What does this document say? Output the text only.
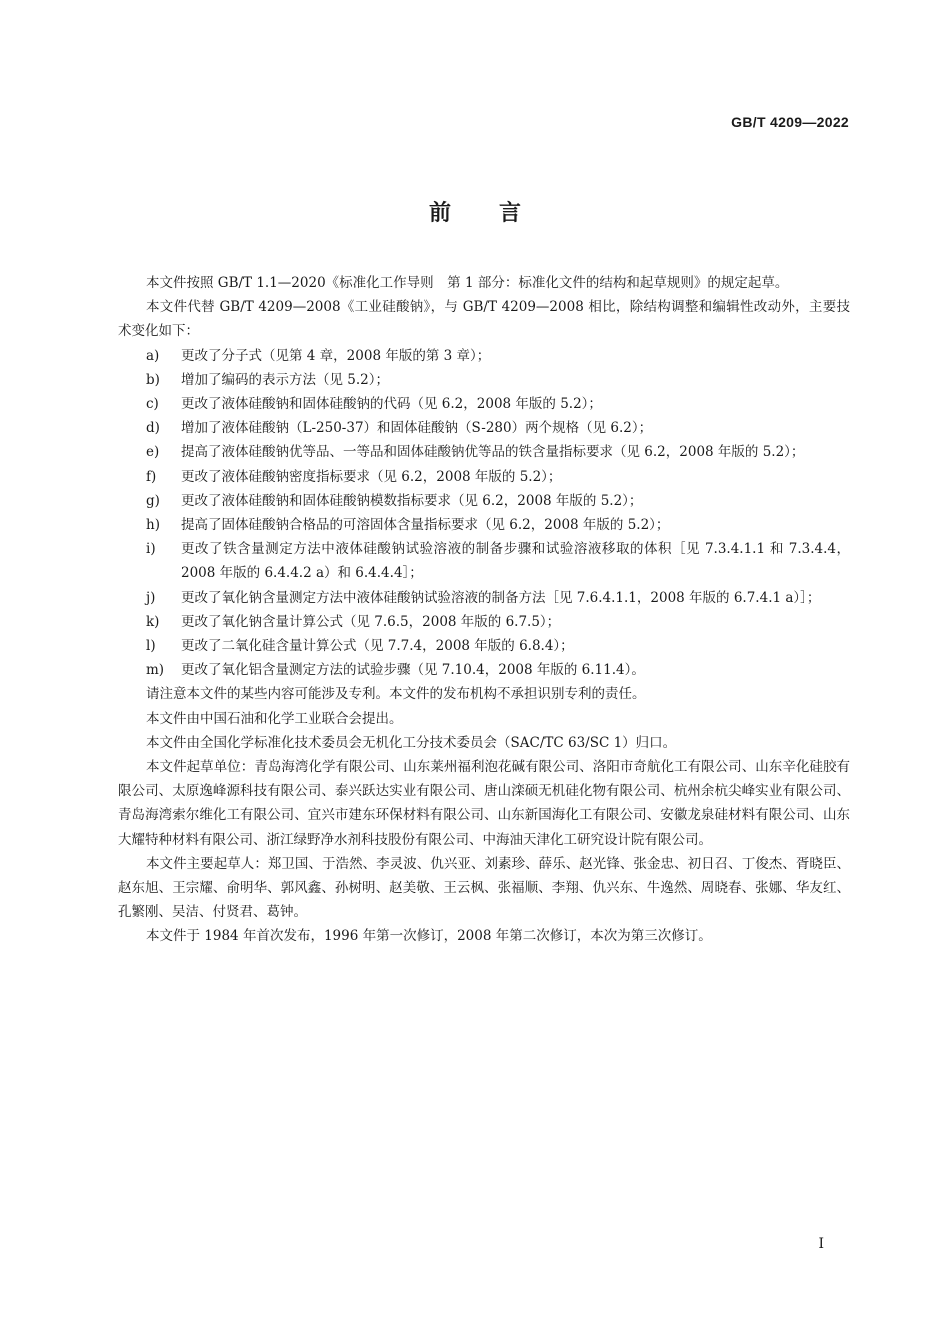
GB/T 4209—2022
前言

本文件按照 GB/T 1.1—2020《标准化工作导则　第 1 部分：标准化文件的结构和起草规则》的规定起草。

本文件代替 GB/T 4209—2008《工业硅酸钠》，与 GB/T 4209—2008 相比，除结构调整和编辑性改动外，主要技术变化如下：

a)	更改了分子式（见第 4 章，2008 年版的第 3 章）；
b)	增加了编码的表示方法（见 5.2）；
c)	更改了液体硅酸钠和固体硅酸钠的代码（见 6.2，2008 年版的 5.2）；
d)	增加了液体硅酸钠（L-250-37）和固体硅酸钠（S-280）两个规格（见 6.2）；
e)	提高了液体硅酸钠优等品、一等品和固体硅酸钠优等品的铁含量指标要求（见 6.2，2008 年版的 5.2）；
f)	更改了液体硅酸钠密度指标要求（见 6.2，2008 年版的 5.2）；
g)	更改了液体硅酸钠和固体硅酸钠模数指标要求（见 6.2，2008 年版的 5.2）；
h)	提高了固体硅酸钠合格品的可溶固体含量指标要求（见 6.2，2008 年版的 5.2）；
i)	更改了铁含量测定方法中液体硅酸钠试验溶液的制备步骤和试验溶液移取的体积［见 7.3.4.1.1 和 7.3.4.4，2008 年版的 6.4.4.2 a）和 6.4.4.4］；
j)	更改了氧化钠含量测定方法中液体硅酸钠试验溶液的制备方法［见 7.6.4.1.1，2008 年版的 6.7.4.1 a）］；
k)	更改了氧化钠含量计算公式（见 7.6.5，2008 年版的 6.7.5）；
l)	更改了二氧化硅含量计算公式（见 7.7.4，2008 年版的 6.8.4）；
m)	更改了氧化铝含量测定方法的试验步骤（见 7.10.4，2008 年版的 6.11.4）。

请注意本文件的某些内容可能涉及专利。本文件的发布机构不承担识别专利的责任。

本文件由中国石油和化学工业联合会提出。

本文件由全国化学标准化技术委员会无机化工分技术委员会（SAC/TC 63/SC 1）归口。

本文件起草单位：青岛海湾化学有限公司、山东莱州福利泡花碱有限公司、洛阳市奇航化工有限公司、山东辛化硅胶有限公司、太原逸峰源科技有限公司、泰兴跃达实业有限公司、唐山滦硕无机硅化物有限公司、杭州余杭尖峰实业有限公司、青岛海湾索尔维化工有限公司、宜兴市建东环保材料有限公司、山东新国海化工有限公司、安徽龙泉硅材料有限公司、山东大耀特种材料有限公司、浙江绿野净水剂科技股份有限公司、中海油天津化工研究设计院有限公司。

本文件主要起草人：郑卫国、于浩然、李灵波、仇兴亚、刘素珍、薛乐、赵光锋、张金忠、初日召、丁俊杰、胥晓臣、赵东旭、王宗耀、俞明华、郭风鑫、孙树明、赵美敬、王云枫、张福顺、李翔、仇兴东、牛逸然、周晓春、张娜、华友红、孔繁刚、吴洁、付贤君、葛钟。

本文件于 1984 年首次发布，1996 年第一次修订，2008 年第二次修订，本次为第三次修订。

I
